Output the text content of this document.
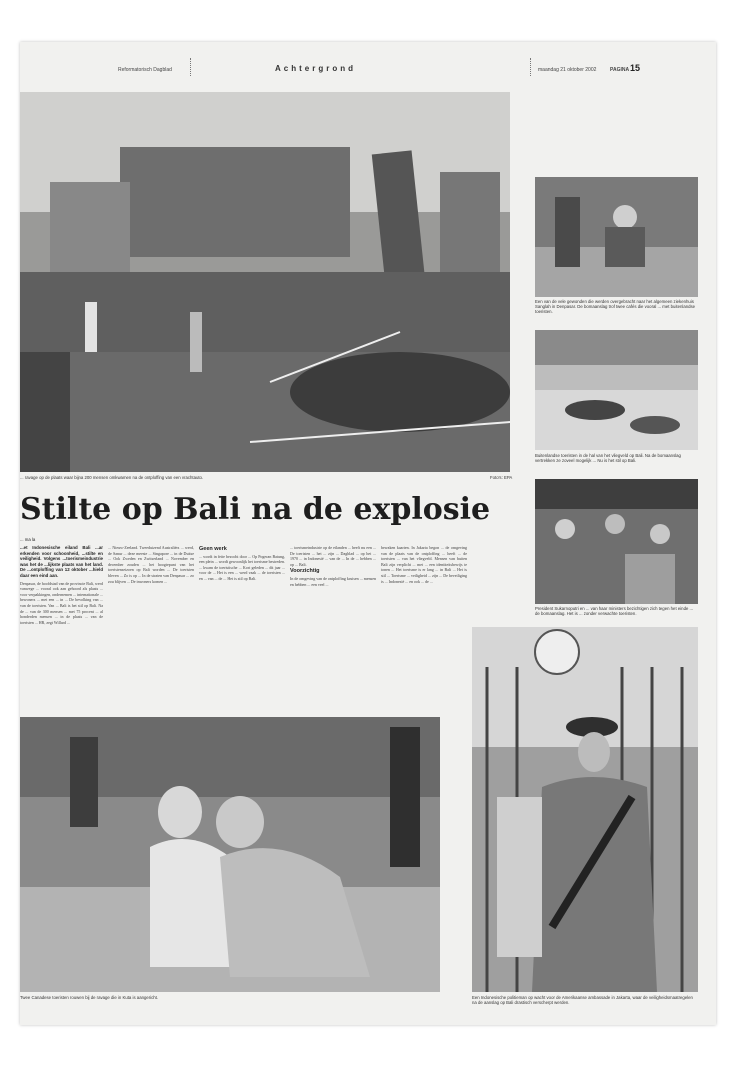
Reformatorisch Dagblad	Achtergrond	maandag 21 oktober 2002	PAGINA 15
... ravage op de plaats waar bijna 200 mensen omkwamen na de ontploffing van een vrachtauto.	Foto's: EPA
Een van de vele gewonden die werden overgebracht naar het algemeen ziekenhuis Sanglah in Denpasar. De bomaanslag trof twee cafés die vooral ... met buitenlandse toeristen.
Buitenlandse toeristen in de hal van het vliegveld op Bali. Na de bomaanslag vertrekken ze zoveel mogelijk ... Nu is het stil op Bali.
President Sukarnoputri en ... van haar ministers bezichtigen zich tegen het einde ... de bomaanslag. Het is ... zonder verwachte toeristen.
Een Indonesische politieman op wacht voor de Amerikaanse ambassade in Jakarta, waar de veiligheidsmaatregelen na de aanslag op Bali drastisch verscherpt werden.
Stilte op Bali na de explosie
... ma la

...et Indonesische eiland Bali ...ar erkenden voor schoonheid, ...stilte en veiligheid. Volgens ...toerismeindustrie was het de ...lijkste plaats van het land. De ...ontploffing van 12 oktober ...hield daar een eind aan.

Denpasar, de hoofdstad van de provincie Bali, werd vanwege ... vooral ook aan gehoord als plaats ... voor verpakkingen, ondernemen ... internationale ... bewoners ... met een ... in ... De bevolking van ... van de toeristen. Van ... Bali is het stil op Bali. Na de ... van de 300 mensen ... met 75 procent ... al honderden mensen ... in de plaats ... van de toeristen ... HR, zegt Willard ...

... Nieuw-Zeeland. Tweeduizend Australiërs ... werd, de Sanur ... deze meeste ... Singapore ... in de Duitse ... Ook Zweden en Zwitserland ... November en december zouden ... het hoogtepunt van het toeristenseizoen op Bali worden ... De toeristen bleven ... Zo is op ... In de straten van Denpasar ... zo zou blijven ... De inwoners komen ...

Geen werk

... wordt in feite bezocht door ... Op Pogeran Batung, een plein ... wordt gewoonlijk het toerisme bestreden. ... kwam de toeristische ... Kort geleden ... dit jaar ... voor de ... Het is een ... werd vaak ... de toeristen ... en ... van ... de ... Het is stil op Bali.

... toerismeindustrie op de eilanden ... heeft nu een ... De toeristen ... het ... zijn ... Dagblad ... op het ... 1970 ... in Indonesië ... van de ... In de ... hebben ... op ... Bali.

Voorzichtig

In de omgeving van de ontploffing kruisen ... mensen en hebben ... een veel ...

bewaken kaarten. In Jakarta begon ... de omgeving van de plaats van de ontploffing ... heeft ... de toeristen ... van het vliegveld. Mensen van buiten Bali zijn verplicht ... met ... een identiteitsbewijs te tonen ... Het toerisme is er lang ... in Bali ... Het is stil ... Toerisme ... veiligheid ... zijn ... De beveiliging is ... Indonesië ... en ook ... de ...

Twee Canadese toeristen rouwen bij de ravage die in Kuta is aangericht.
